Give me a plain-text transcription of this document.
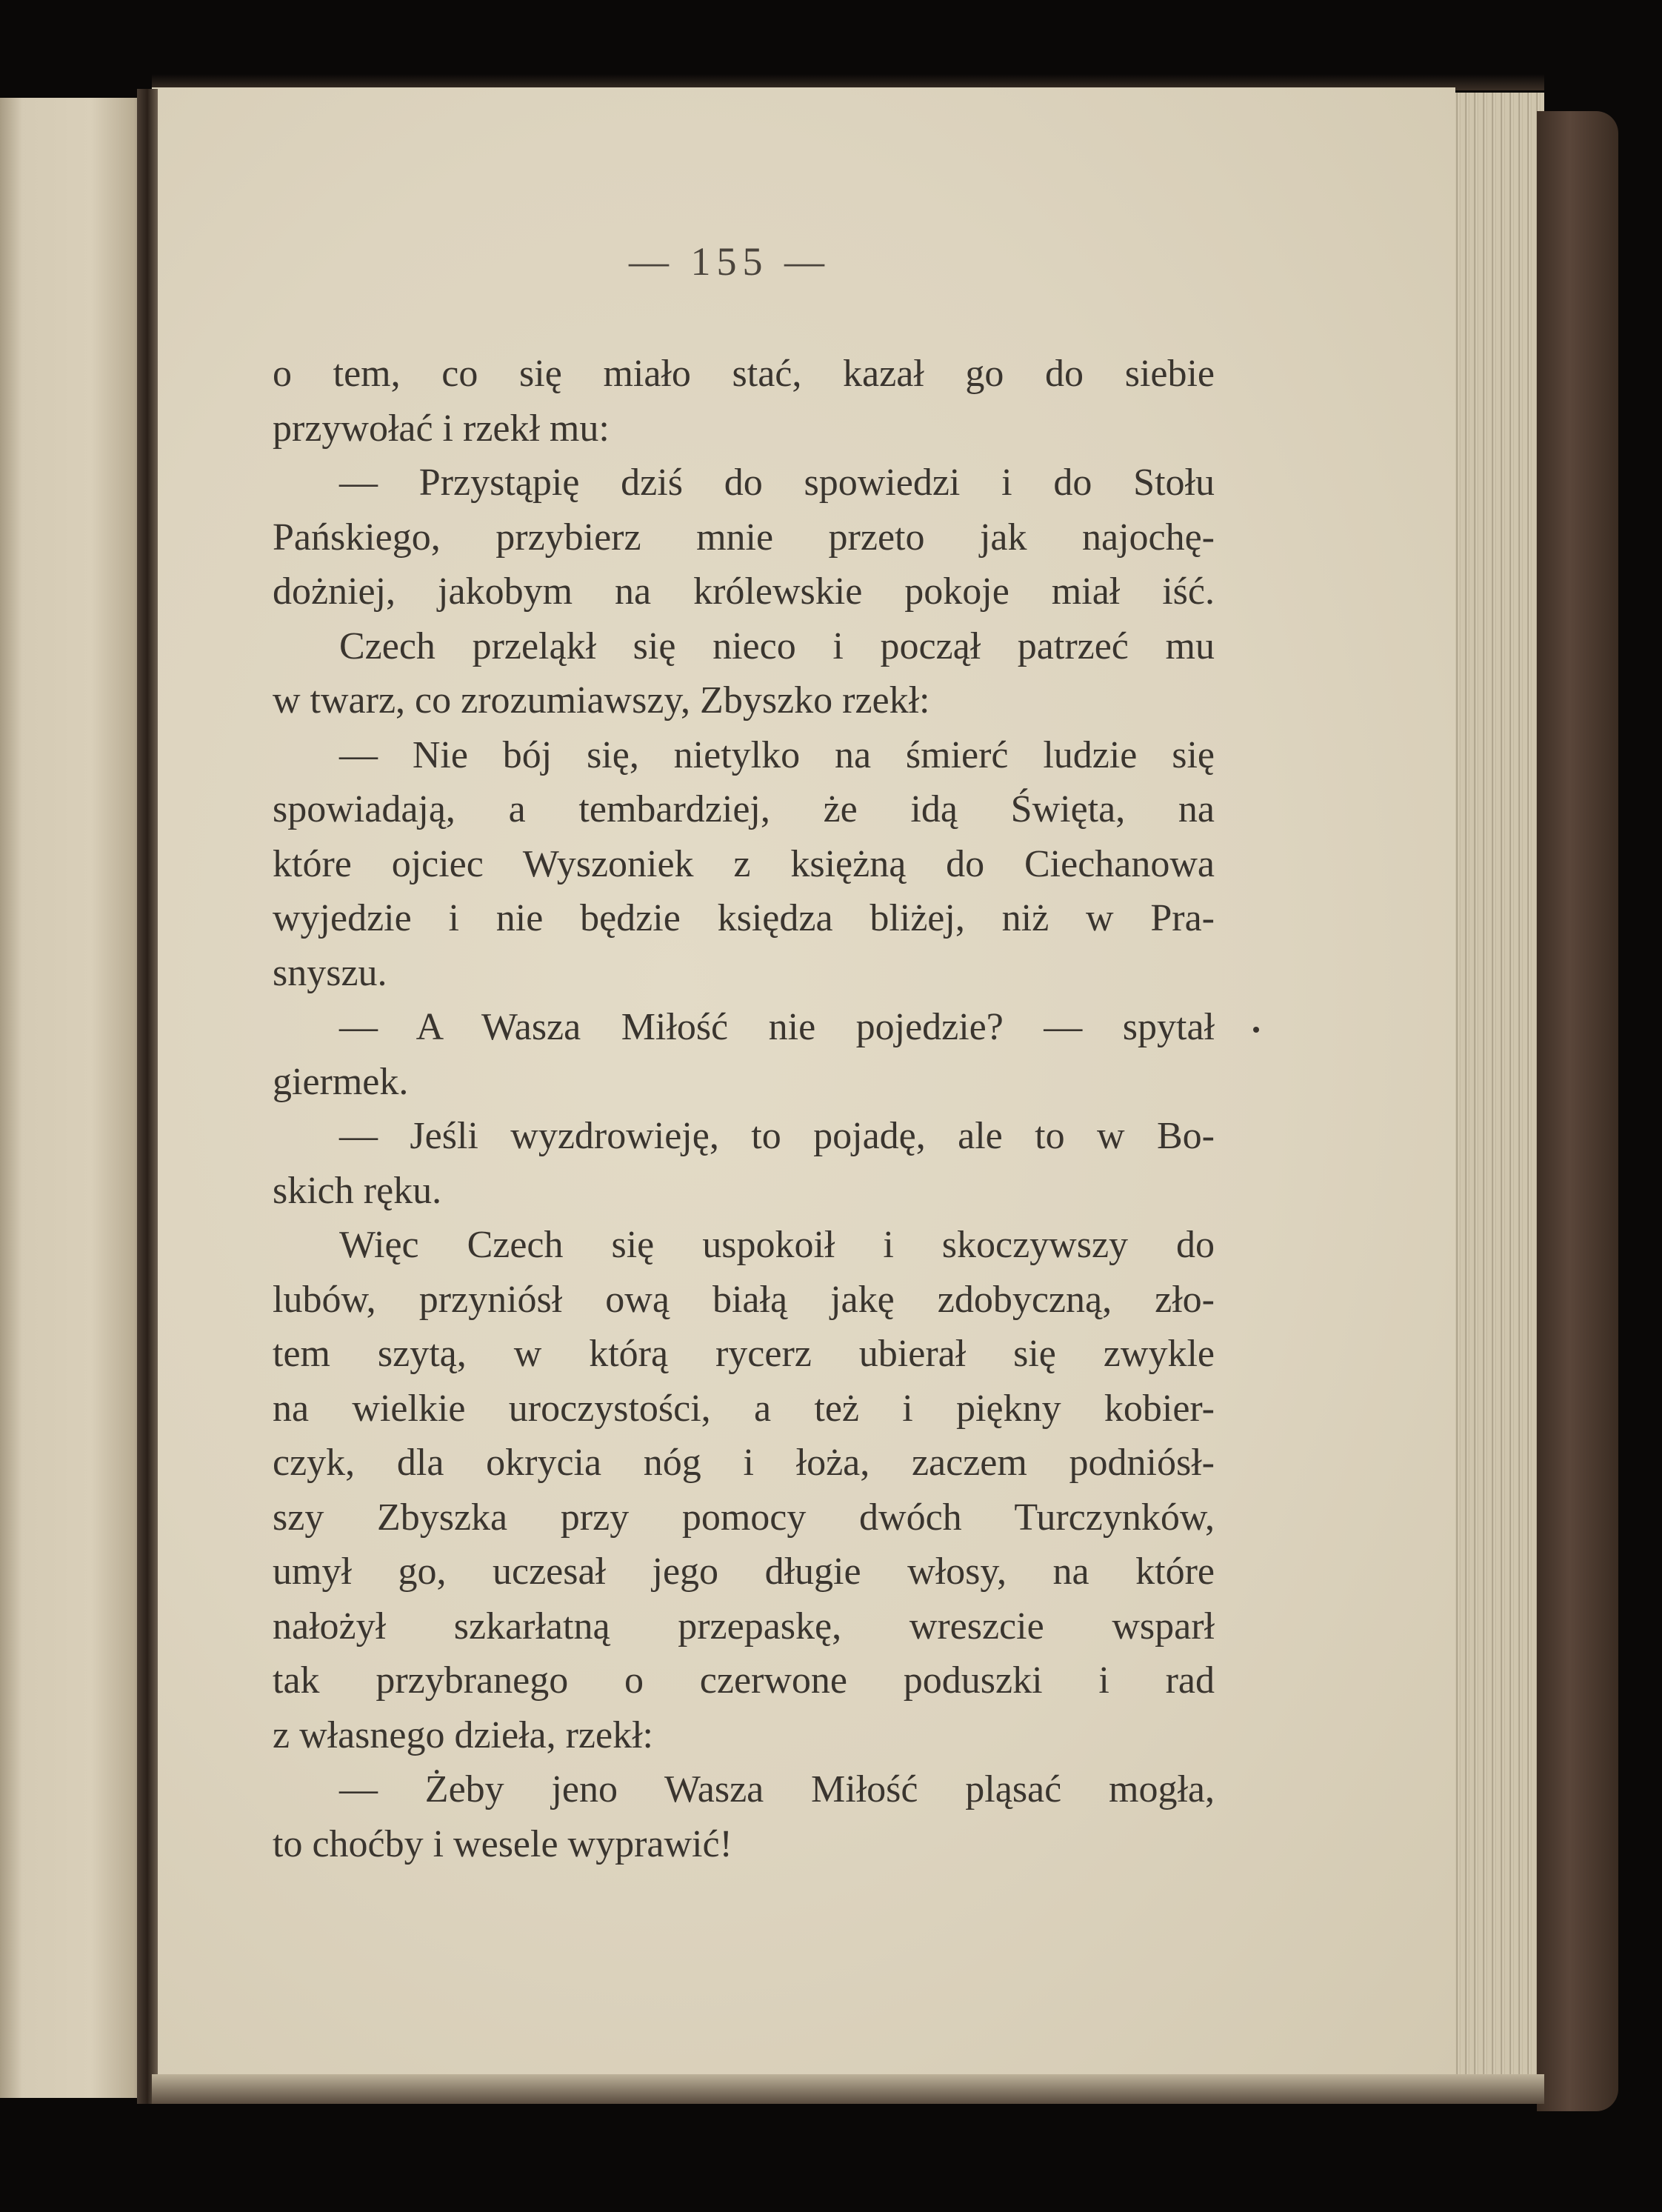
— 155 —
o tem, co się miało stać, kazał go do siebie
przywołać i rzekł mu:
— Przystąpię dziś do spowiedzi i do Stołu
Pańskiego, przybierz mnie przeto jak najochę-
dożniej, jakobym na królewskie pokoje miał iść.
Czech przeląkł się nieco i począł patrzeć mu
w twarz, co zrozumiawszy, Zbyszko rzekł:
— Nie bój się, nietylko na śmierć ludzie się
spowiadają, a tembardziej, że idą Święta, na
które ojciec Wyszoniek z księżną do Ciechanowa
wyjedzie i nie będzie księdza bliżej, niż w Pra-
snyszu.
— A Wasza Miłość nie pojedzie? — spytał
giermek.
— Jeśli wyzdrowieję, to pojadę, ale to w Bo-
skich ręku.
Więc Czech się uspokoił i skoczywszy do
lubów, przyniósł ową białą jakę zdobyczną, zło-
tem szytą, w którą rycerz ubierał się zwykle
na wielkie uroczystości, a też i piękny kobier-
czyk, dla okrycia nóg i łoża, zaczem podniósł-
szy Zbyszka przy pomocy dwóch Turczynków,
umył go, uczesał jego długie włosy, na które
nałożył szkarłatną przepaskę, wreszcie wsparł
tak przybranego o czerwone poduszki i rad
z własnego dzieła, rzekł:
— Żeby jeno Wasza Miłość pląsać mogła,
to choćby i wesele wyprawić!
